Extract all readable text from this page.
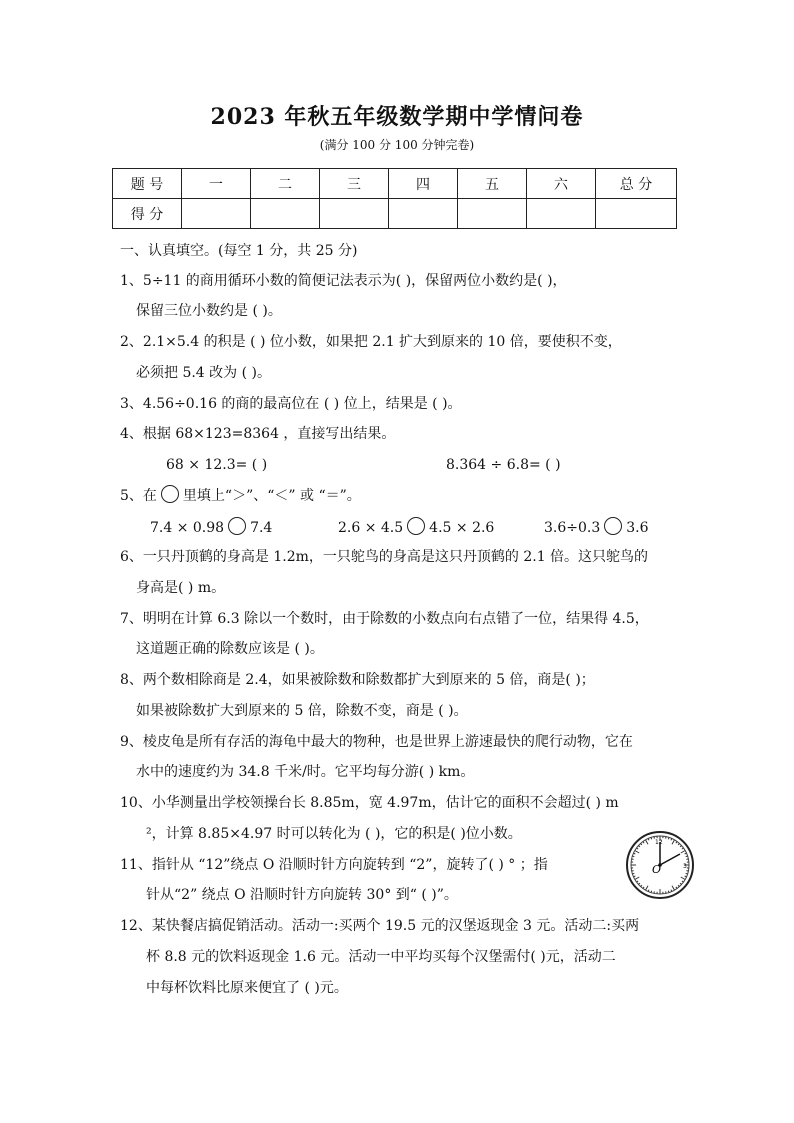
2023 年秋五年级数学期中学情问卷
(满分 100 分 100 分钟完卷)
题 号	一	二	三	四	五	六	总 分
得 分							
一、认真填空。(每空 1 分，共 25 分)
1、5÷11 的商用循环小数的简便记法表示为( )，保留两位小数约是( )，
保留三位小数约是 ( )。
2、2.1×5.4 的积是 ( ) 位小数，如果把 2.1 扩大到原来的 10 倍，要使积不变，
必须把 5.4 改为 ( )。
3、4.56÷0.16 的商的最高位在 ( ) 位上，结果是 ( )。
4、根据 68×123=8364 ，直接写出结果。
68 × 12.3= ( )	8.364 ÷ 6.8= ( )
5、在 里填上“＞”、“＜” 或 “＝”。
7.4 × 0.98 7.4	2.6 × 4.5 4.5 × 2.6	3.6÷0.3 3.6
6、一只丹顶鹤的身高是 1.2m，一只鸵鸟的身高是这只丹顶鹤的 2.1 倍。这只鸵鸟的
身高是( ) m。
7、明明在计算 6.3 除以一个数时，由于除数的小数点向右点错了一位，结果得 4.5，
这道题正确的除数应该是 ( )。
8、两个数相除商是 2.4，如果被除数和除数都扩大到原来的 5 倍，商是( )；
如果被除数扩大到原来的 5 倍，除数不变，商是 ( )。
9、棱皮龟是所有存活的海龟中最大的物种，也是世界上游速最快的爬行动物，它在
水中的速度约为 34.8 千米/时。它平均每分游( ) km。
10、小华测量出学校领操台长 8.85m，宽 4.97m，估计它的面积不会超过( ) m
²，计算 8.85×4.97 时可以转化为 ( )，它的积是( )位小数。
11、指针从 “12”绕点 O 沿顺时针方向旋转到 “2”，旋转了( ) ° ；指
针从“2” 绕点 O 沿顺时针方向旋转 30° 到“ ( )”。
12、某快餐店搞促销活动。活动一:买两个 19.5 元的汉堡返现金 3 元。活动二:买两
杯 8.8 元的饮料返现金 1.6 元。活动一中平均买每个汉堡需付( )元，活动二
中每杯饮料比原来便宜了 ( )元。
O
12
3
